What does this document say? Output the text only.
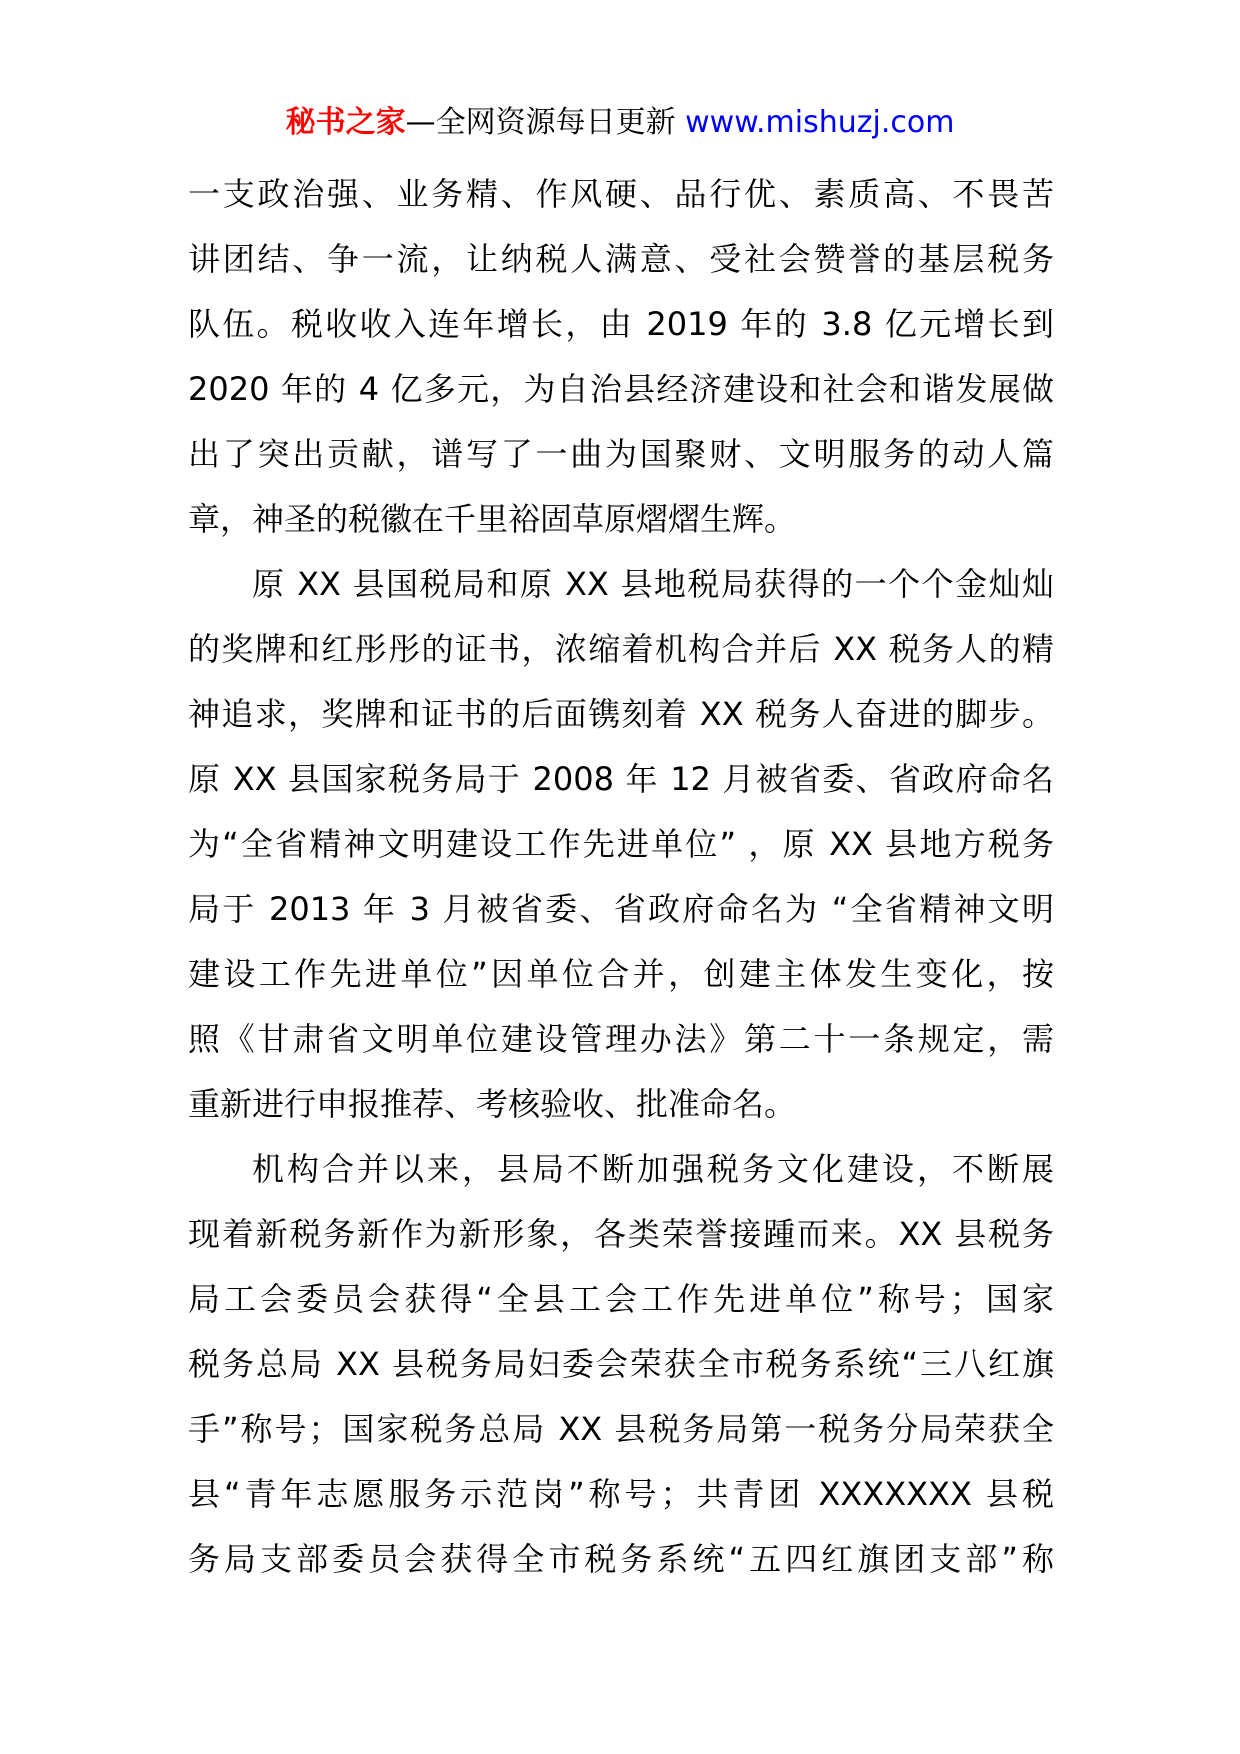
秘书之家—全网资源每日更新 www.mishuzj.com
一支政治强、业务精、作风硬、品行优、素质高、不畏苦
讲团结、争一流，让纳税人满意、受社会赞誉的基层税务
队伍。税收收入连年增长，由 2019 年的 3.8 亿元增长到
2020 年的 4 亿多元，为自治县经济建设和社会和谐发展做
出了突出贡献，谱写了一曲为国聚财、文明服务的动人篇
章，神圣的税徽在千里裕固草原熠熠生辉。
原 XX 县国税局和原 XX 县地税局获得的一个个金灿灿
的奖牌和红彤彤的证书，浓缩着机构合并后 XX 税务人的精
神追求，奖牌和证书的后面镌刻着 XX 税务人奋进的脚步。
原 XX 县国家税务局于 2008 年 12 月被省委、省政府命名
为“全省精神文明建设工作先进单位” ，原 XX 县地方税务
局于 2013 年 3 月被省委、省政府命名为 “全省精神文明
建设工作先进单位”因单位合并，创建主体发生变化，按
照《甘肃省文明单位建设管理办法》第二十一条规定，需
重新进行申报推荐、考核验收、批准命名。
机构合并以来，县局不断加强税务文化建设，不断展
现着新税务新作为新形象，各类荣誉接踵而来。XX 县税务
局工会委员会获得“全县工会工作先进单位”称号；国家
税务总局 XX 县税务局妇委会荣获全市税务系统“三八红旗
手”称号；国家税务总局 XX 县税务局第一税务分局荣获全
县“青年志愿服务示范岗”称号；共青团 XXXXXXX 县税
务局支部委员会获得全市税务系统“五四红旗团支部”称
